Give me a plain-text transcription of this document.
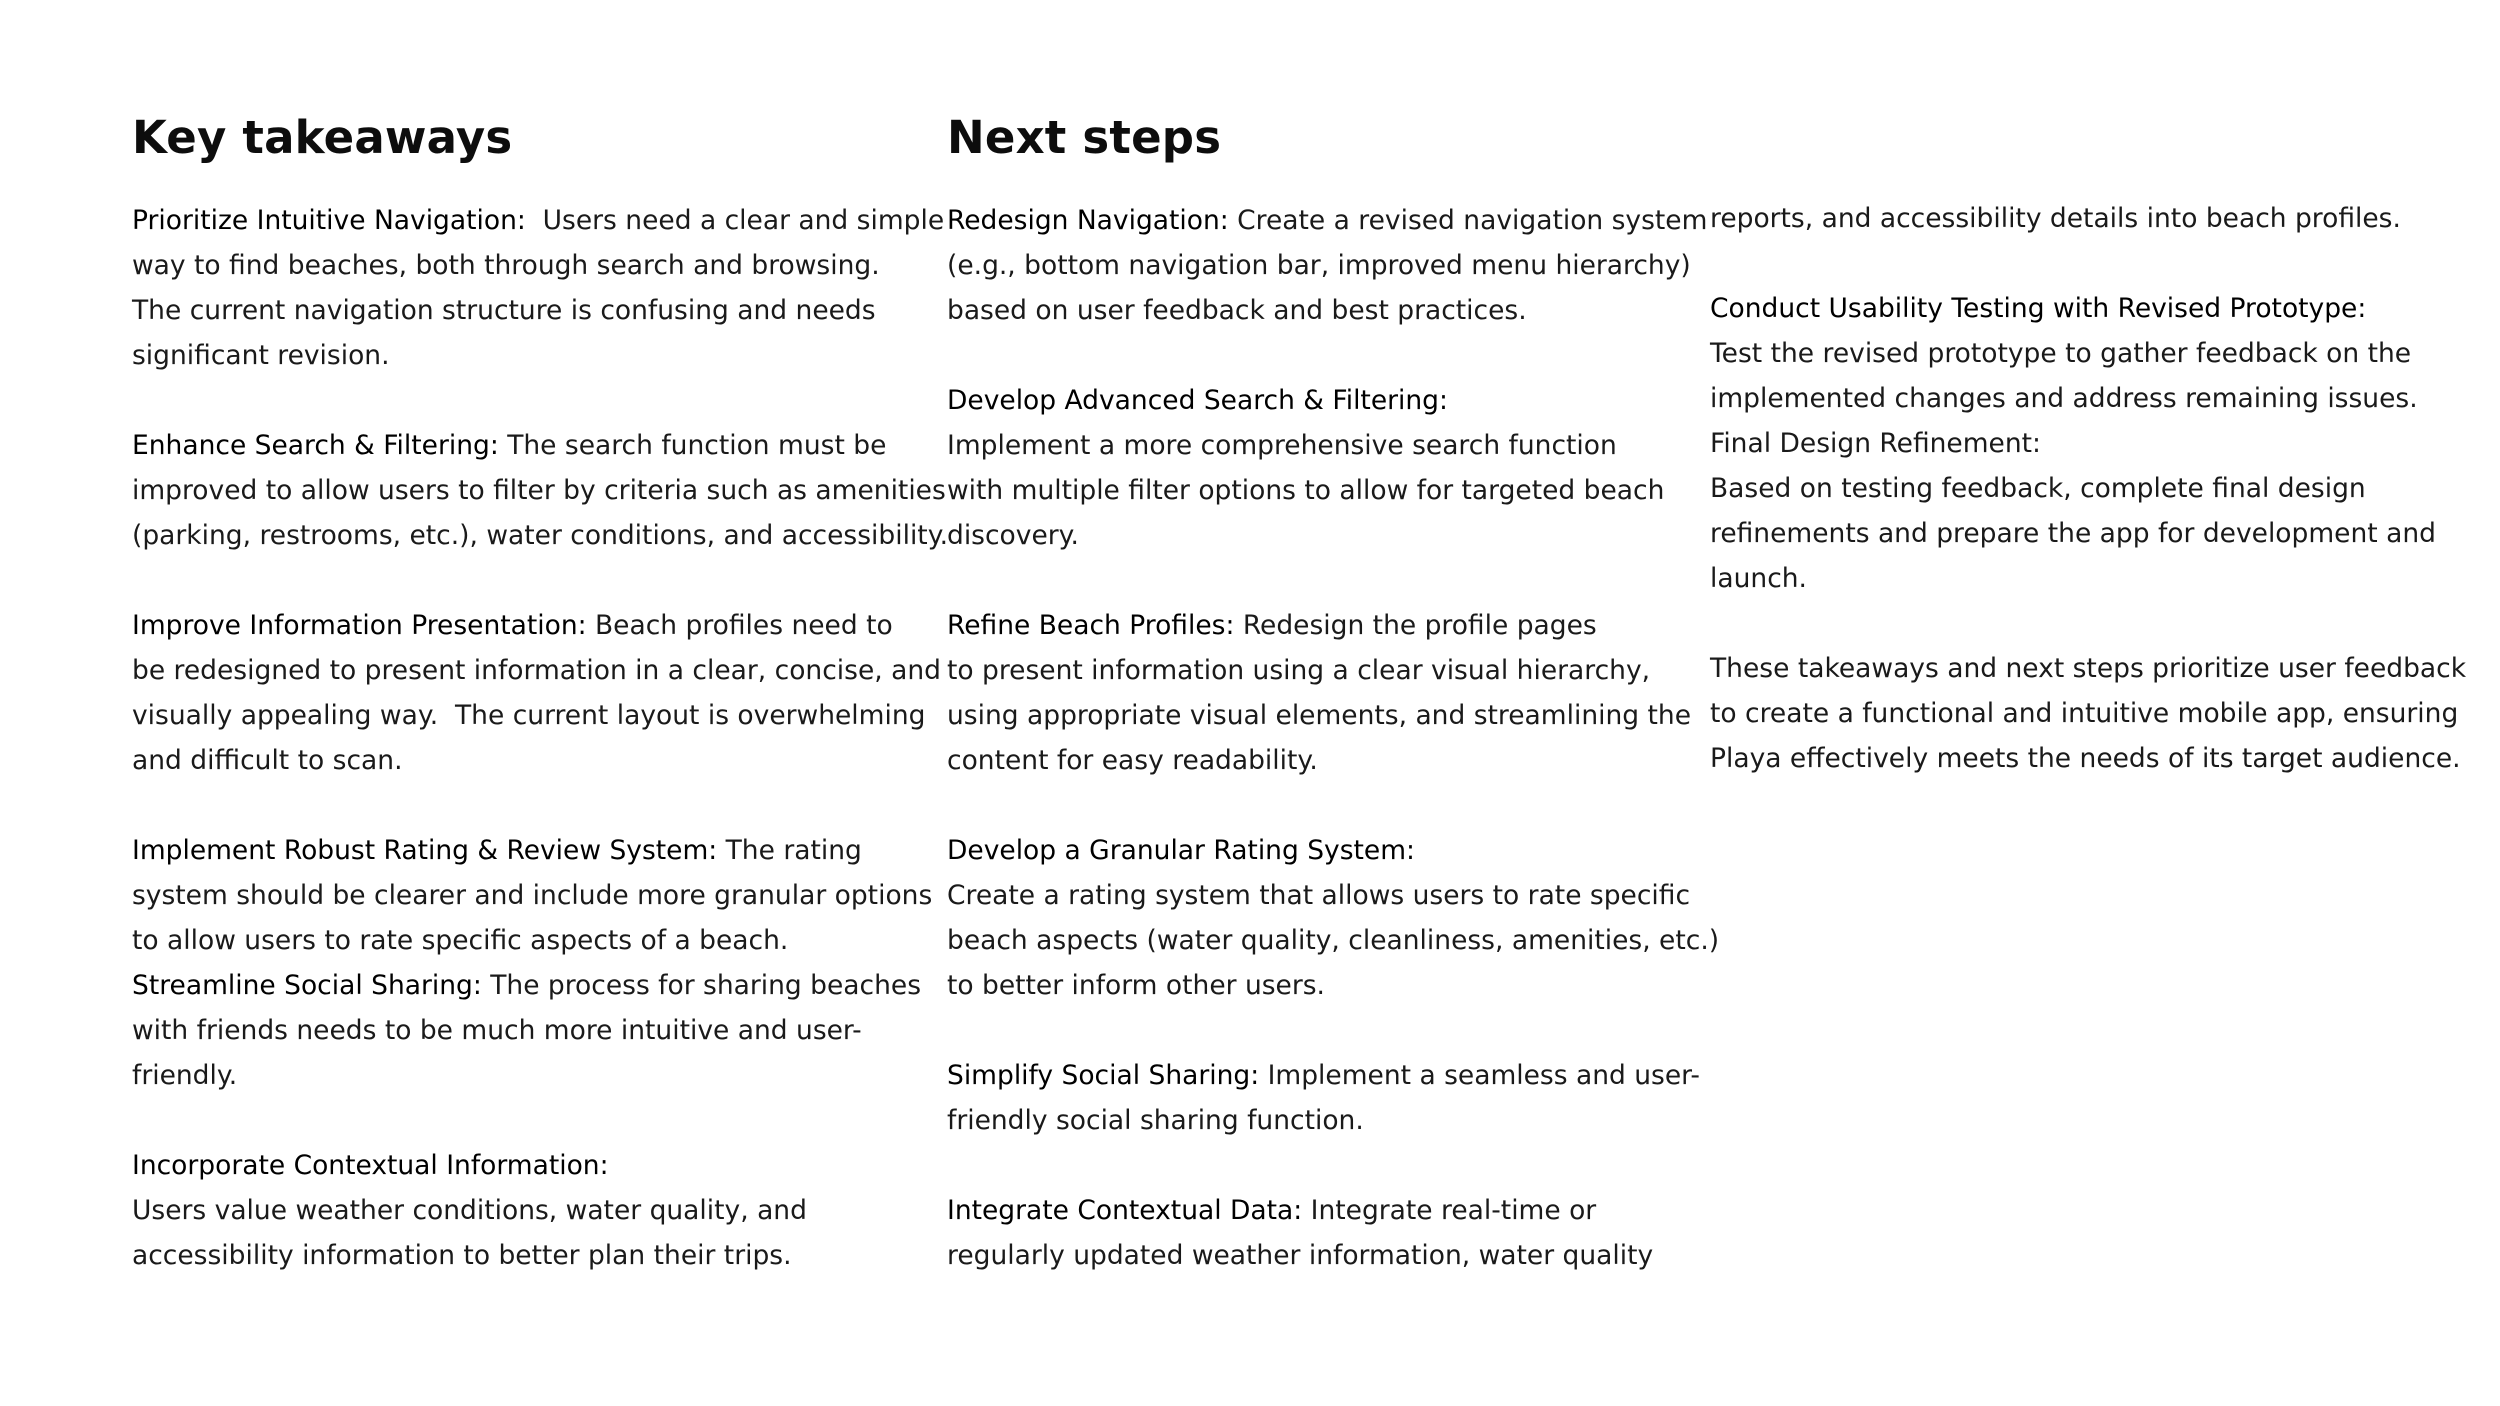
Key takeaways

Prioritize Intuitive Navigation:  Users need a clear and simple
way to find beaches, both through search and browsing.
The current navigation structure is confusing and needs
significant revision.

Enhance Search & Filtering: The search function must be
improved to allow users to filter by criteria such as amenities
(parking, restrooms, etc.), water conditions, and accessibility.

Improve Information Presentation: Beach profiles need to
be redesigned to present information in a clear, concise, and
visually appealing way.  The current layout is overwhelming
and difficult to scan.

Implement Robust Rating & Review System: The rating
system should be clearer and include more granular options
to allow users to rate specific aspects of a beach.

Streamline Social Sharing: The process for sharing beaches
with friends needs to be much more intuitive and user-
friendly.

Incorporate Contextual Information:
Users value weather conditions, water quality, and
accessibility information to better plan their trips.

Next steps

Redesign Navigation: Create a revised navigation system
(e.g., bottom navigation bar, improved menu hierarchy)
based on user feedback and best practices.

Develop Advanced Search & Filtering:
Implement a more comprehensive search function
with multiple filter options to allow for targeted beach
discovery.

Refine Beach Profiles: Redesign the profile pages
to present information using a clear visual hierarchy,
using appropriate visual elements, and streamlining the
content for easy readability.

Develop a Granular Rating System:
Create a rating system that allows users to rate specific
beach aspects (water quality, cleanliness, amenities, etc.)
to better inform other users.

Simplify Social Sharing: Implement a seamless and user-
friendly social sharing function.

Integrate Contextual Data: Integrate real-time or
regularly updated weather information, water quality

reports, and accessibility details into beach profiles.

Conduct Usability Testing with Revised Prototype:
Test the revised prototype to gather feedback on the
implemented changes and address remaining issues.

Final Design Refinement:
Based on testing feedback, complete final design
refinements and prepare the app for development and
launch.

These takeaways and next steps prioritize user feedback
to create a functional and intuitive mobile app, ensuring
Playa effectively meets the needs of its target audience.
